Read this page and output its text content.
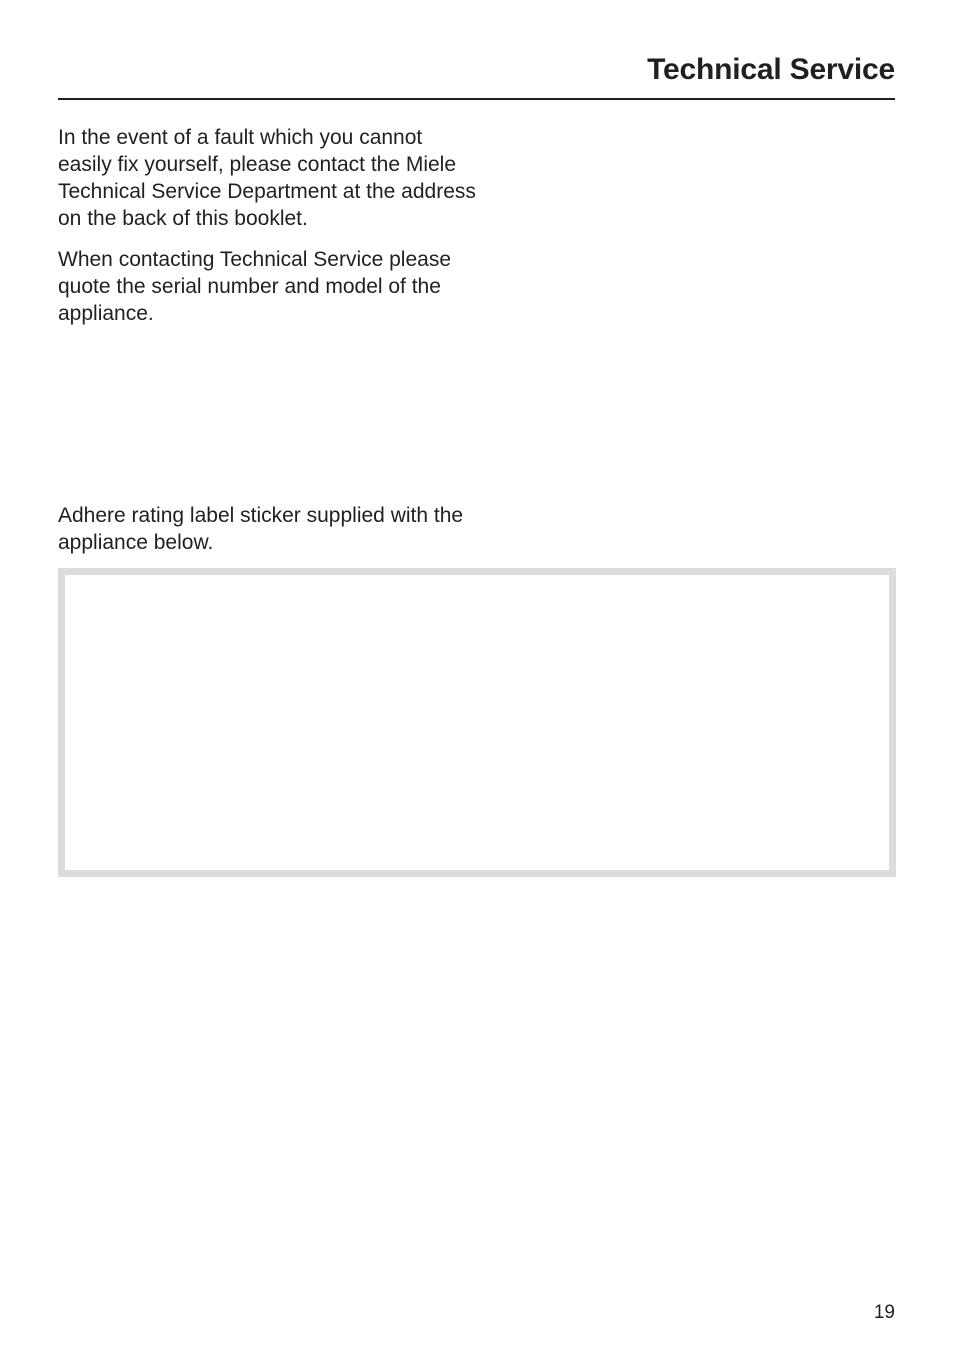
Technical Service

In the event of a fault which you cannot easily fix yourself, please contact the Miele Technical Service Department at the address on the back of this booklet.

When contacting Technical Service please quote the serial number and model of the appliance.

Adhere rating label sticker supplied with the appliance below.

19
